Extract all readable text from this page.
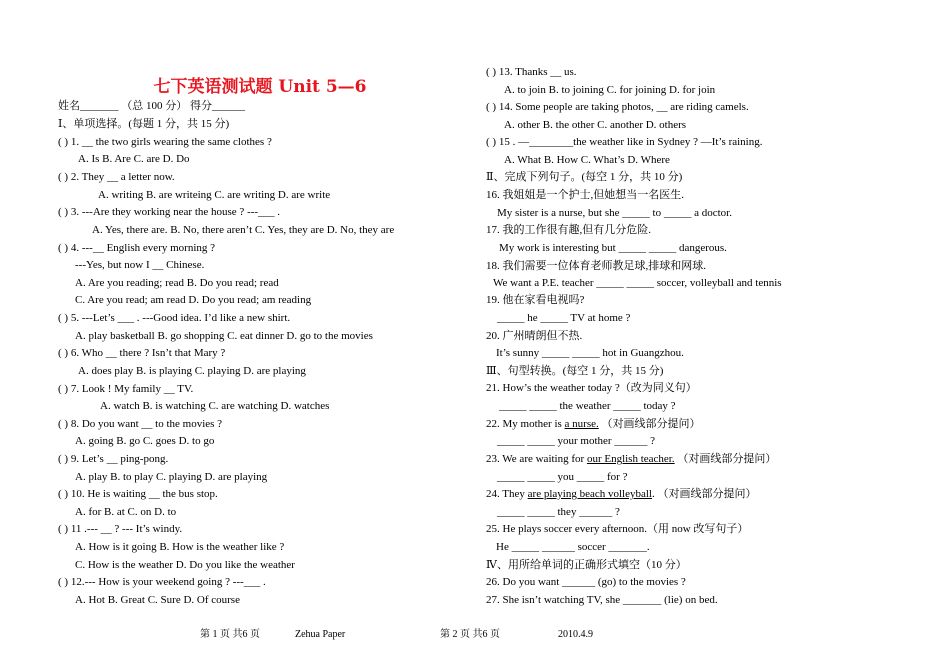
七下英语测试题 Unit 5—6
姓名_______ （总 100 分） 得分______
Ⅰ、单项选择。(每题 1 分，共 15 分)
( ) 1. __ the two girls wearing the same clothes ?
A. Is B. Are C. are D. Do
( ) 2. They __ a letter now.
A. writing B. are writeing C. are writing D. are write
( ) 3. ---Are they working near the house ? ---___ .
A. Yes, there are. B. No, there aren’t C. Yes, they are D. No, they are
( ) 4. ---__ English every morning ?
---Yes, but now I __ Chinese.
A. Are you reading; read B. Do you read; read
C. Are you read; am read D. Do you read; am reading
( ) 5. ---Let’s ___ . ---Good idea. I’d like a new shirt.
A. play basketball B. go shopping C. eat dinner D. go to the movies
( ) 6. Who __ there ? Isn’t that Mary ?
A. does play B. is playing C. playing D. are playing
( ) 7. Look ! My family __ TV.
A. watch B. is watching C. are watching D. watches
( ) 8. Do you want __ to the movies ?
A. going B. go C. goes D. to go
( ) 9. Let’s __ ping-pong.
A. play B. to play C. playing D. are playing
( ) 10. He is waiting __ the bus stop.
A. for B. at C. on D. to
( ) 11 .--- __ ? --- It’s windy.
A. How is it going B. How is the weather like ?
C. How is the weather D. Do you like the weather
( ) 12.--- How is your weekend going ? ---___ .
A. Hot B. Great C. Sure D. Of course
( ) 13. Thanks __ us.
A. to join B. to joining C. for joining D. for join
( ) 14. Some people are taking photos, __ are riding camels.
A. other B. the other C. another D. others
( ) 15 . —________the weather like in Sydney ? —It’s raining.
A. What B. How C. What’s D. Where
Ⅱ、完成下列句子。(每空 1 分，共 10 分)
16. 我姐姐是一个护士,但她想当一名医生.
My sister is a nurse, but she _____ to _____ a doctor.
17. 我的工作很有趣,但有几分危险.
My work is interesting but _____ _____ dangerous.
18. 我们需要一位体育老师教足球,排球和网球.
We want a P.E. teacher _____ _____ soccer, volleyball and tennis
19. 他在家看电视吗?
_____ he _____ TV at home ?
20. 广州晴朗但不热.
It’s sunny _____ _____ hot in Guangzhou.
Ⅲ、句型转换。(每空 1 分，共 15 分)
21. How’s the weather today ?（改为同义句）
_____ _____ the weather _____ today ?
22. My mother is a nurse. （对画线部分提问）
_____ _____ your mother ______ ?
23. We are waiting for our English teacher. （对画线部分提问）
_____ _____ you _____ for ?
24. They are playing beach volleyball. （对画线部分提问）
_____ _____ they ______ ?
25. He plays soccer every afternoon.（用 now 改写句子）
He _____ ______ soccer _______.
Ⅳ、用所给单词的正确形式填空（10 分）
26. Do you want ______ (go) to the movies ?
27. She isn’t watching TV, she _______ (lie) on bed.
第 1 页 共6 页	Zehua Paper	第 2 页 共6 页	2010.4.9
